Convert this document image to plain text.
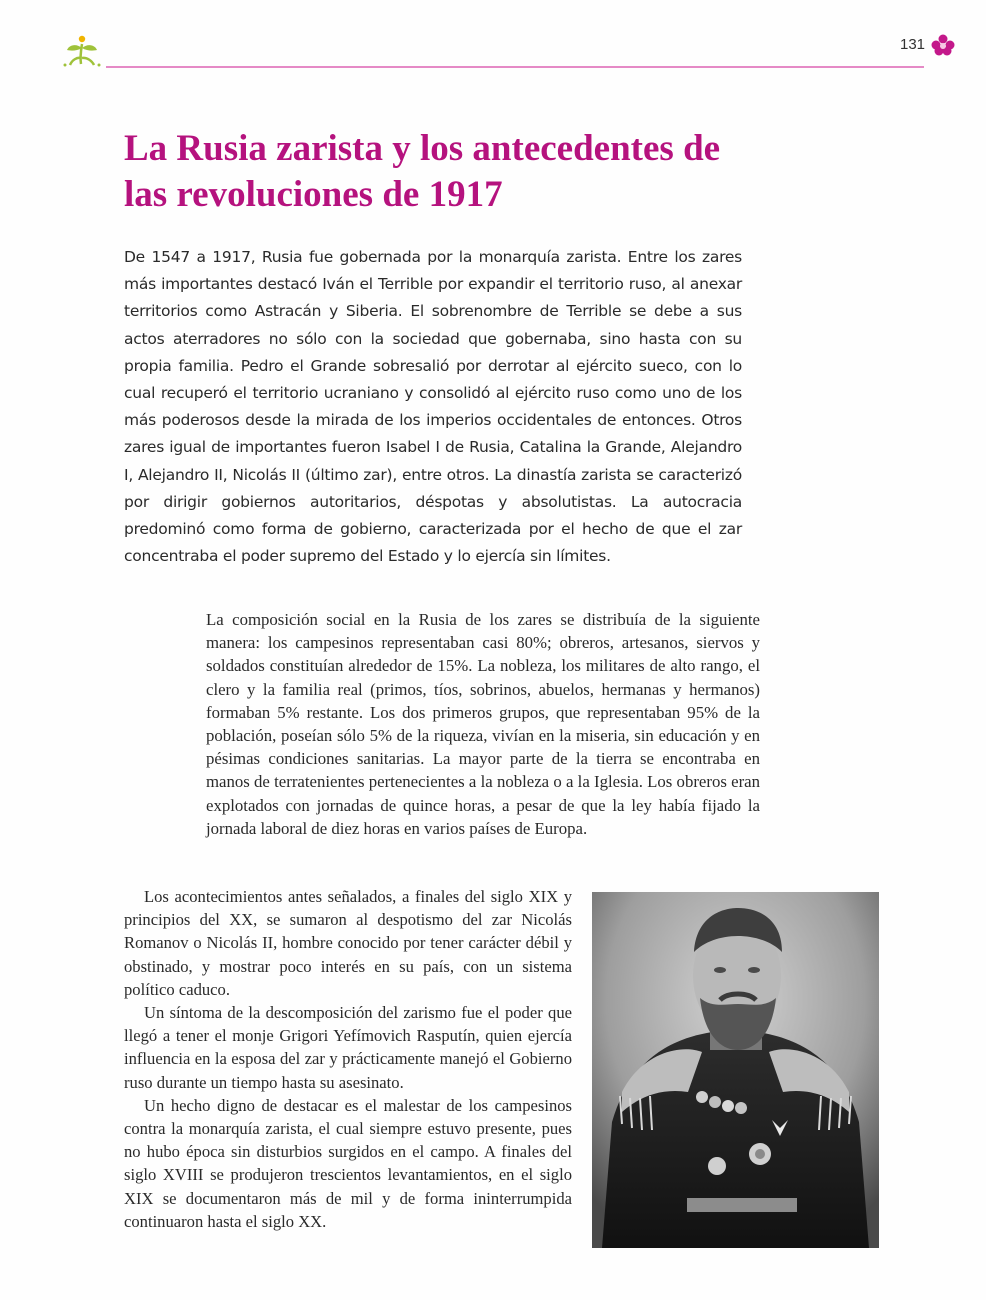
131
La Rusia zarista y los antecedentes de las revoluciones de 1917

De 1547 a 1917, Rusia fue gobernada por la monarquía zarista. Entre los zares más importantes destacó Iván el Terrible por expandir el territorio ruso, al anexar territorios como Astracán y Siberia. El sobrenombre de Terrible se debe a sus actos aterradores no sólo con la sociedad que gobernaba, sino hasta con su propia familia. Pedro el Grande sobresalió por derrotar al ejército sueco, con lo cual recuperó el territorio ucraniano y consolidó al ejército ruso como uno de los más poderosos desde la mirada de los imperios occidentales de entonces. Otros zares igual de importantes fueron Isabel I de Rusia, Catalina la Grande, Alejandro I, Alejandro II, Nicolás II (último zar), entre otros. La dinastía zarista se caracterizó por dirigir gobiernos autoritarios, déspotas y absolutistas. La autocracia predominó como forma de gobierno, caracterizada por el hecho de que el zar concentraba el poder supremo del Estado y lo ejercía sin límites.

La composición social en la Rusia de los zares se distribuía de la siguiente manera: los campesinos representaban casi 80%; obreros, artesanos, siervos y soldados constituían alrededor de 15%. La nobleza, los militares de alto rango, el clero y la familia real (primos, tíos, sobrinos, abuelos, hermanas y hermanos) formaban 5% restante. Los dos primeros grupos, que representaban 95% de la población, poseían sólo 5% de la riqueza, vivían en la miseria, sin educación y en pésimas condiciones sanitarias. La mayor parte de la tierra se encontraba en manos de terratenientes pertenecientes a la nobleza o a la Iglesia. Los obreros eran explotados con jornadas de quince horas, a pesar de que la ley había fijado la jornada laboral de diez horas en varios países de Europa.

Los acontecimientos antes señalados, a finales del siglo XIX y principios del XX, se sumaron al despotismo del zar Nicolás Romanov o Nicolás II, hombre conocido por tener carácter débil y obstinado, y mostrar poco interés en su país, con un sistema político caduco.

Un síntoma de la descomposición del zarismo fue el poder que llegó a tener el monje Grigori Yefímovich Rasputín, quien ejercía influencia en la esposa del zar y prácticamente manejó el Gobierno ruso durante un tiempo hasta su asesinato.

Un hecho digno de destacar es el malestar de los campesinos contra la monarquía zarista, el cual siempre estuvo presente, pues no hubo época sin disturbios surgidos en el campo. A finales del siglo XVIII se produjeron trescientos levantamientos, en el siglo XIX se documentaron más de mil y de forma ininterrumpida continuaron hasta el siglo XX.
